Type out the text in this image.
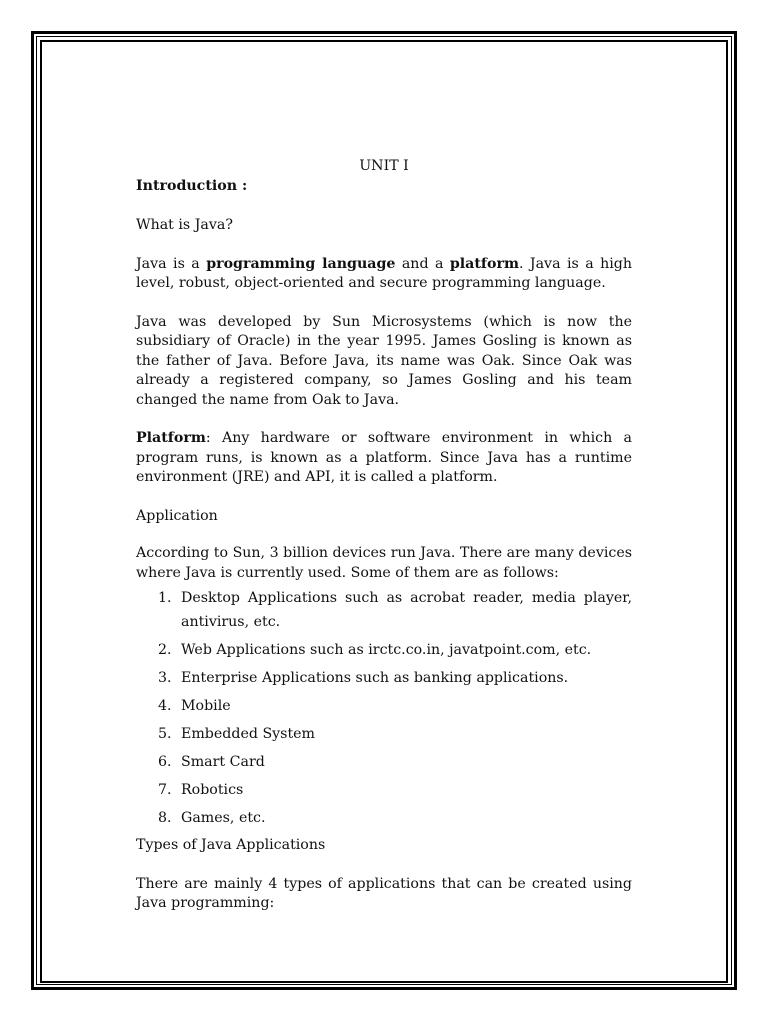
UNIT I

Introduction :

What is Java?

Java is a programming language and a platform. Java is a high level, robust, object-oriented and secure programming language.

Java was developed by Sun Microsystems (which is now the subsidiary of Oracle) in the year 1995. James Gosling is known as the father of Java. Before Java, its name was Oak. Since Oak was already a registered company, so James Gosling and his team changed the name from Oak to Java.

Platform: Any hardware or software environment in which a program runs, is known as a platform. Since Java has a runtime environment (JRE) and API, it is called a platform.

Application

According to Sun, 3 billion devices run Java. There are many devices where Java is currently used. Some of them are as follows:

1. Desktop Applications such as acrobat reader, media player, antivirus, etc.
2. Web Applications such as irctc.co.in, javatpoint.com, etc.
3. Enterprise Applications such as banking applications.
4. Mobile
5. Embedded System
6. Smart Card
7. Robotics
8. Games, etc.

Types of Java Applications

There are mainly 4 types of applications that can be created using Java programming:
